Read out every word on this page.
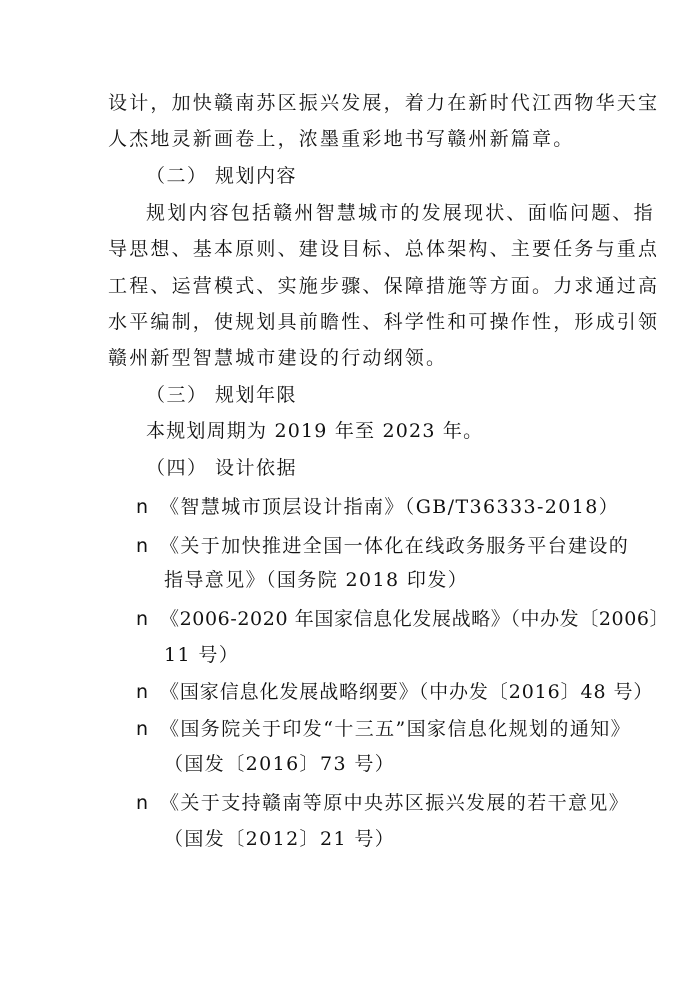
设计，加快赣南苏区振兴发展，着力在新时代江西物华天宝
人杰地灵新画卷上，浓墨重彩地书写赣州新篇章。
（二） 规划内容
规划内容包括赣州智慧城市的发展现状、面临问题、指
导思想、基本原则、建设目标、总体架构、主要任务与重点
工程、运营模式、实施步骤、保障措施等方面。力求通过高
水平编制，使规划具前瞻性、科学性和可操作性，形成引领
赣州新型智慧城市建设的行动纲领。
（三） 规划年限
本规划周期为 2019 年至 2023 年。
（四） 设计依据
n 《智慧城市顶层设计指南》（GB/T36333-2018）
n 《关于加快推进全国一体化在线政务服务平台建设的
指导意见》（国务院 2018 印发）
n 《2006-2020 年国家信息化发展战略》（中办发〔2006〕
11 号）
n 《国家信息化发展战略纲要》（中办发〔2016〕48 号）
n 《国务院关于印发“十三五”国家信息化规划的通知》
（国发〔2016〕73 号）
n 《关于支持赣南等原中央苏区振兴发展的若干意见》
（国发〔2012〕21 号）
